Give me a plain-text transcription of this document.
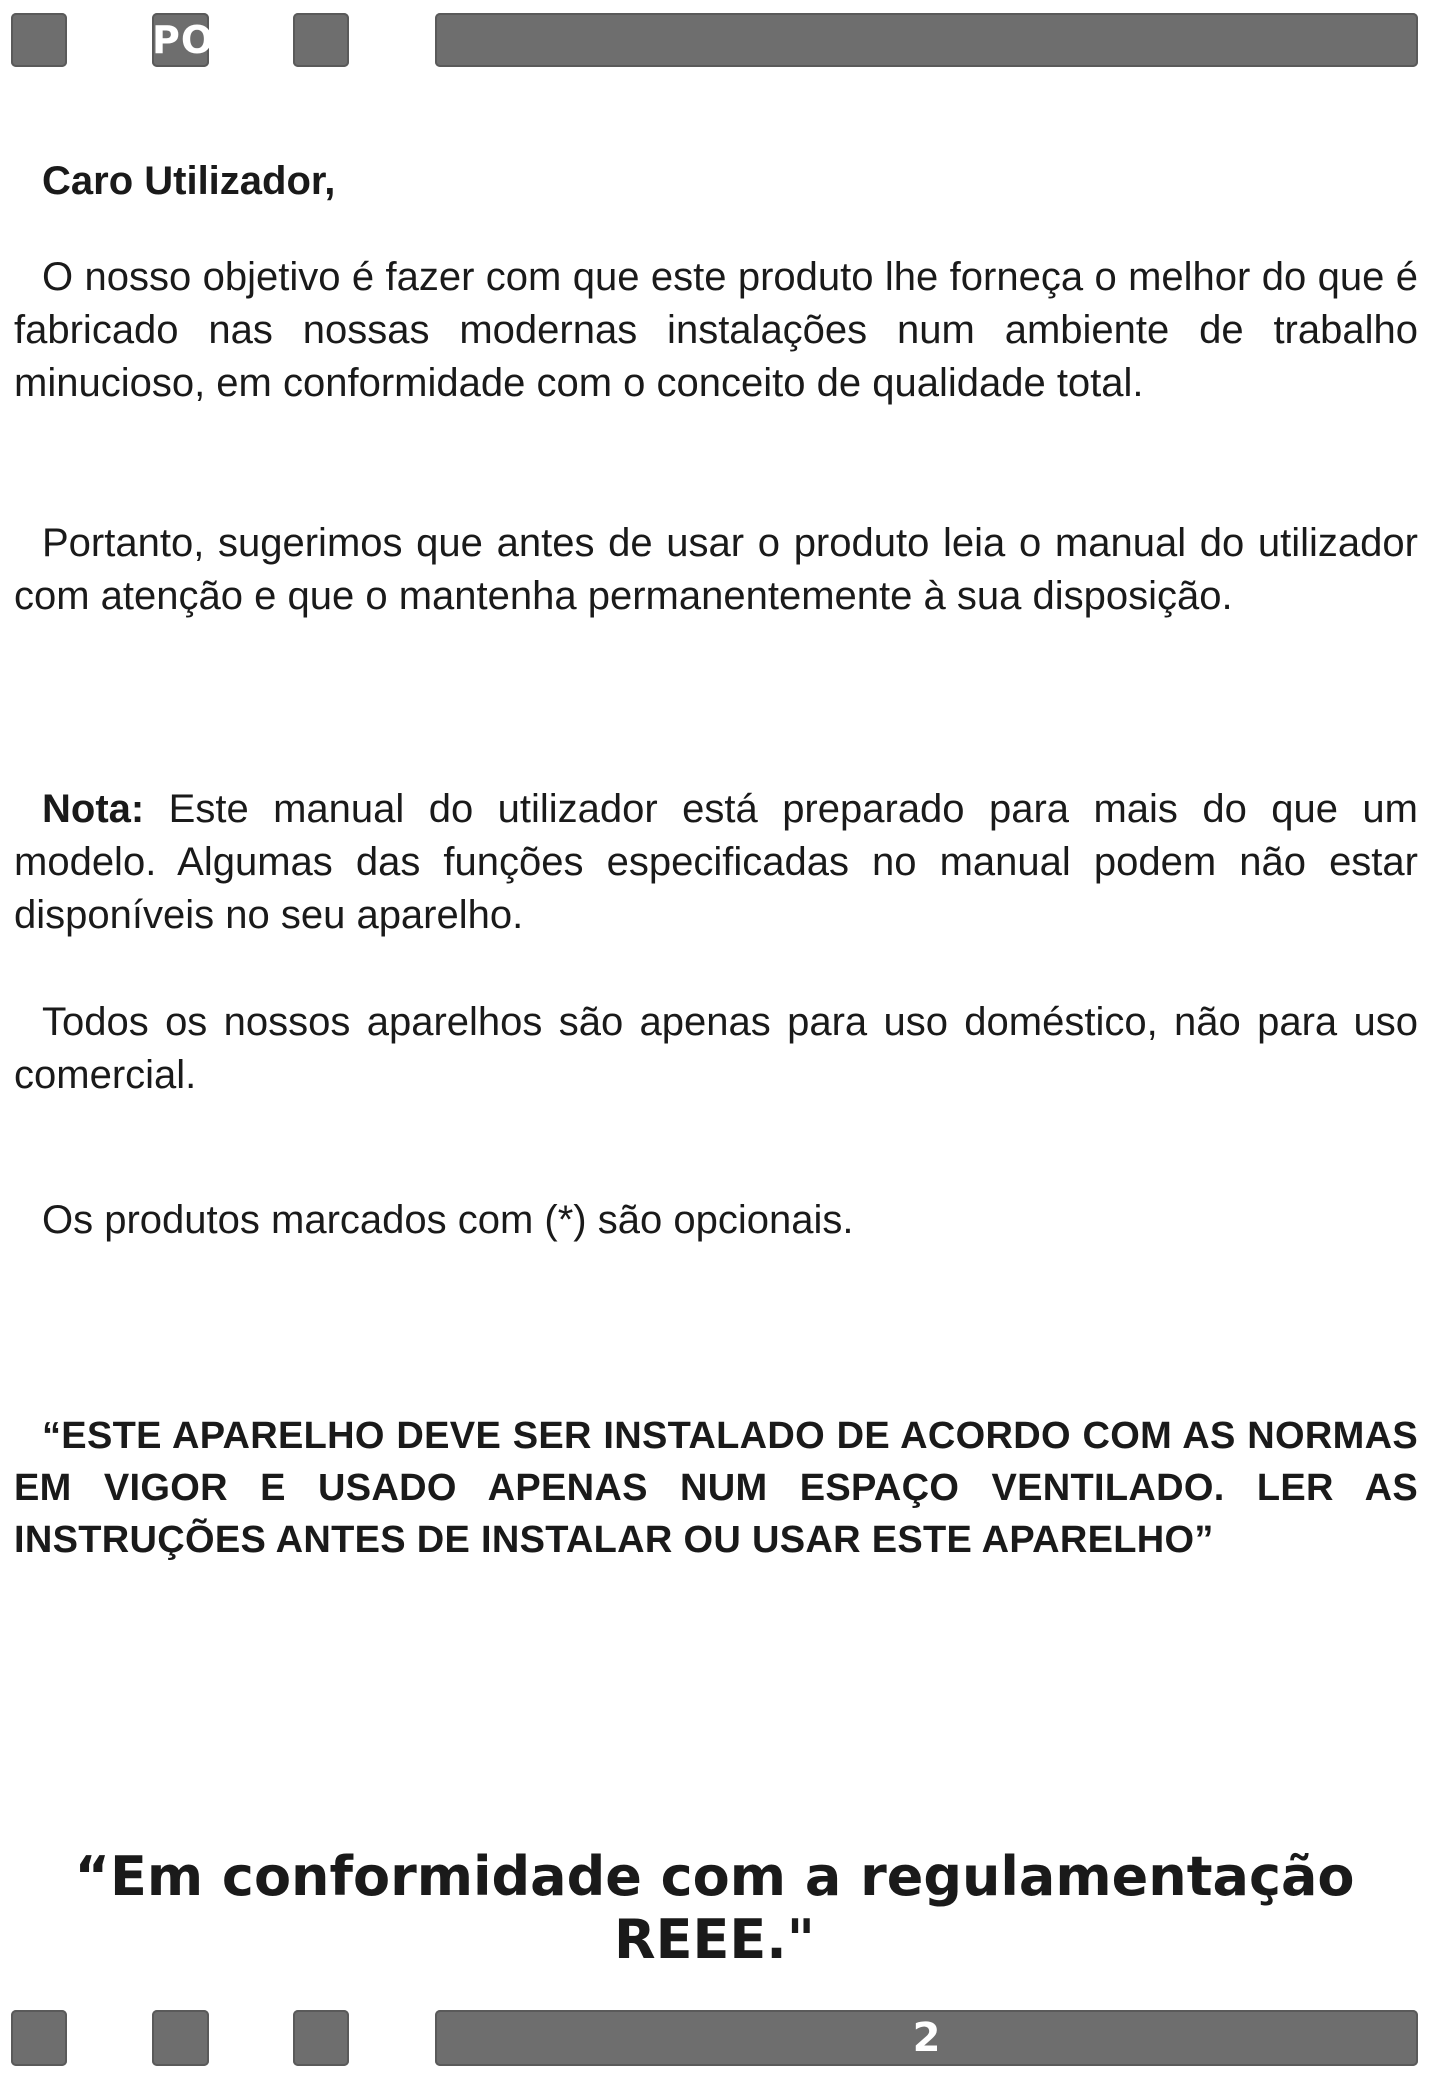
PO

Caro Utilizador,

O nosso objetivo é fazer com que este produto lhe forneça o melhor do que é fabricado nas nossas modernas instalações num ambiente de trabalho minucioso, em conformidade com o conceito de qualidade total.

Portanto, sugerimos que antes de usar o produto leia o manual do utilizador com atenção e que o mantenha permanentemente à sua disposição.

Nota: Este manual do utilizador está preparado para mais do que um modelo. Algumas das funções especificadas no manual podem não estar disponíveis no seu aparelho.

Todos os nossos aparelhos são apenas para uso doméstico, não para uso comercial.

Os produtos marcados com (*) são opcionais.

“ESTE APARELHO DEVE SER INSTALADO DE ACORDO COM AS NORMAS EM VIGOR E USADO APENAS NUM ESPAÇO VENTILADO. LER AS INSTRUÇÕES ANTES DE INSTALAR OU USAR ESTE APARELHO”

“Em conformidade com a regulamentação REEE."
2
